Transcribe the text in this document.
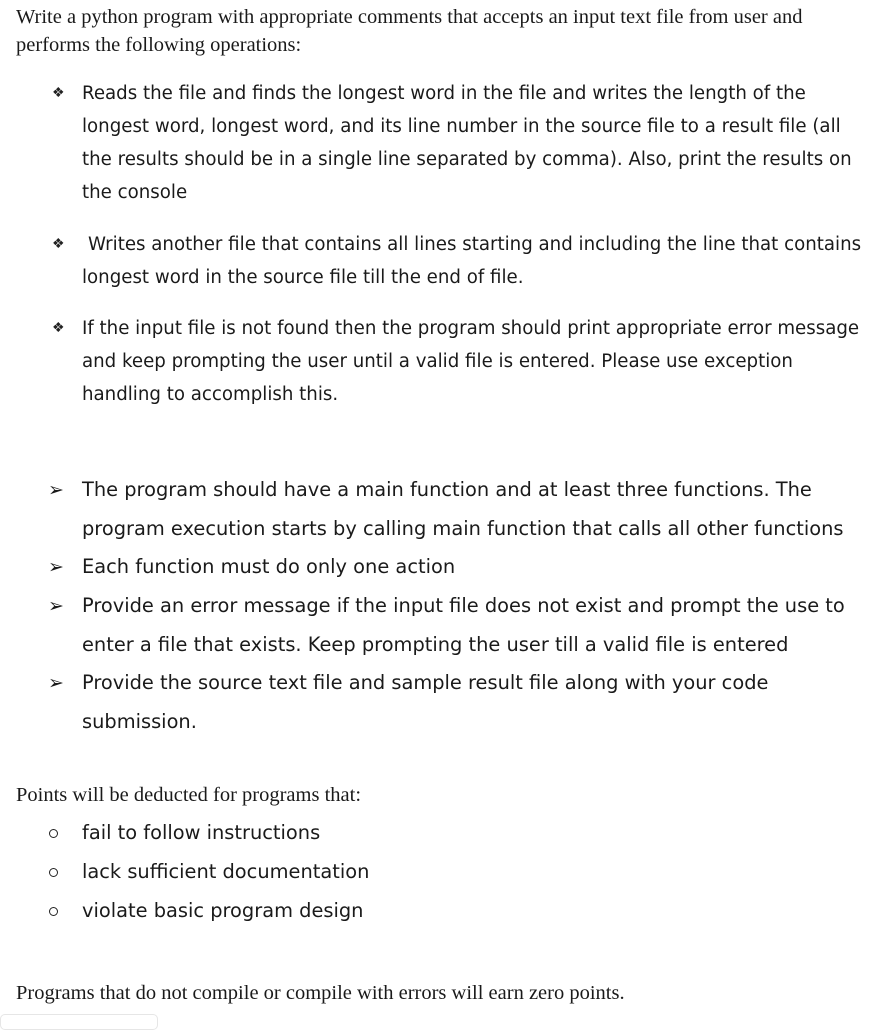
Write a python program with appropriate comments that accepts an input text file from user and performs the following operations:
❖ Reads the file and finds the longest word in the file and writes the length of the longest word, longest word, and its line number in the source file to a result file (all the results should be in a single line separated by comma). Also, print the results on the console
❖	Writes another file that contains all lines starting and including the line that contains longest word in the source file till the end of file.
❖ If the input file is not found then the program should print appropriate error message and keep prompting the user until a valid file is entered. Please use exception handling to accomplish this.
➢ The program should have a main function and at least three functions. The program execution starts by calling main function that calls all other functions
➢ Each function must do only one action
➢ Provide an error message if the input file does not exist and prompt the use to enter a file that exists. Keep prompting the user till a valid file is entered
➢ Provide the source text file and sample result file along with your code submission.
Points will be deducted for programs that:
fail to follow instructions
lack sufficient documentation
violate basic program design
Programs that do not compile or compile with errors will earn zero points.
